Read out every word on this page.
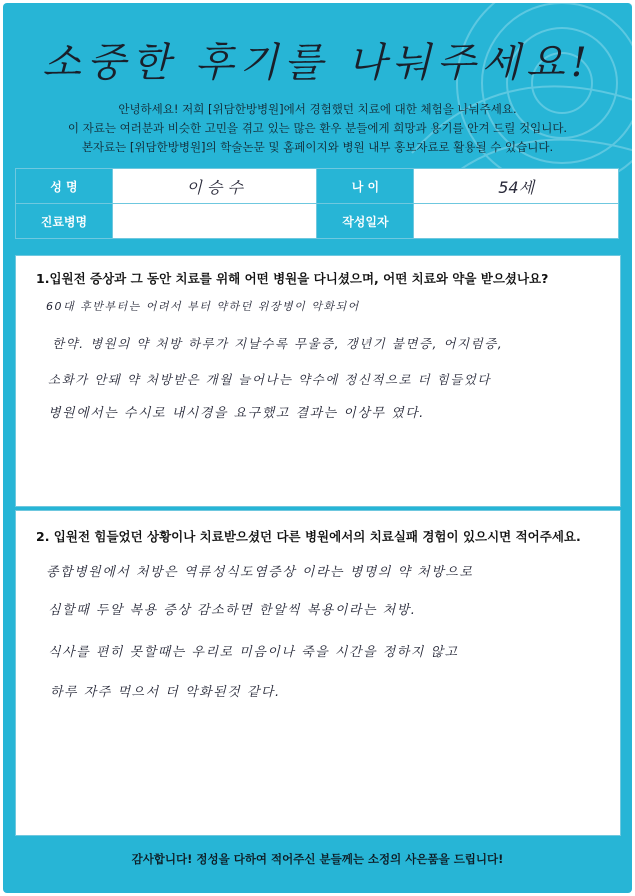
소중한 후기를 나눠주세요!
안녕하세요! 저희 [위담한방병원]에서 경험했던 치료에 대한 체험을 나눠주세요.
이 자료는 여러분과 비슷한 고민을 겪고 있는 많은 환우 분들에게 희망과 용기를 안겨 드릴 것입니다.
본자료는 [위담한방병원]의 학술논문 및 홈페이지와 병원 내부 홍보자료로 활용될 수 있습니다.
성 명	이 승 수	나 이	54세
진료병명		작성일자	
1.입원전 증상과 그 동안 치료를 위해 어떤 병원을 다니셨으며, 어떤 치료와 약을 받으셨나요?
60대 후반부터는 어려서 부터 약하던 위장병이 악화되어
한약. 병원의 약 처방 하루가 지날수록 무울증, 갱년기 불면증, 어지럼증,
소화가 안돼 약 처방받은 개월 늘어나는 약수에 정신적으로 더 힘들었다
병원에서는 수시로 내시경을 요구했고 결과는 이상무 였다.
2. 입원전 힘들었던 상황이나 치료받으셨던 다른 병원에서의 치료실패 경험이 있으시면 적어주세요.
종합병원에서 처방은 역류성식도염증상 이라는 병명의 약 처방으로
심할때 두알 복용 증상 감소하면 한알씩 복용이라는 처방.
식사를 편히 못할때는 우리로 미음이나 죽을 시간을 정하지 않고
하루 자주 먹으서 더 악화된것 같다.
감사합니다! 정성을 다하여 적어주신 분들께는 소정의 사은품을 드립니다!
